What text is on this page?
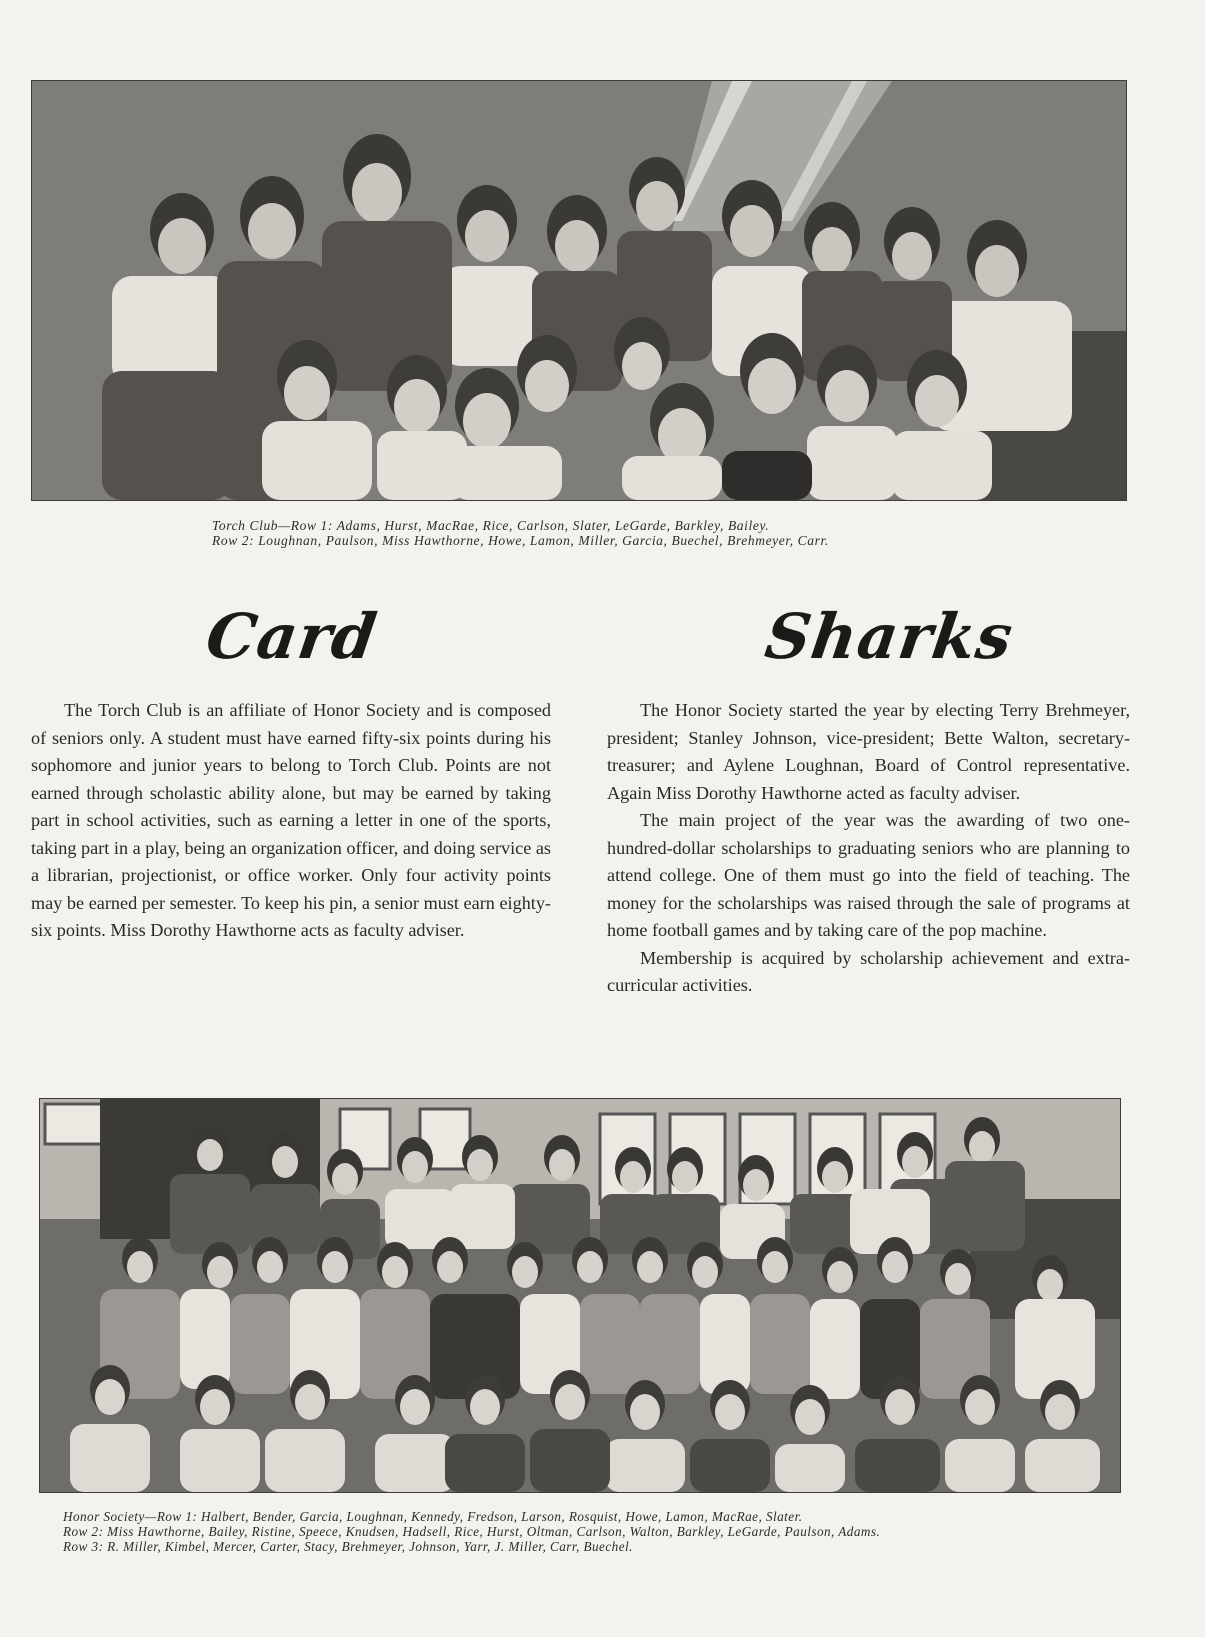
Torch Club—Row 1: Adams, Hurst, MacRae, Rice, Carlson, Slater, LeGarde, Barkley, Bailey.
Row 2: Loughnan, Paulson, Miss Hawthorne, Howe, Lamon, Miller, Garcia, Buechel, Brehmeyer, Carr.
Card	Sharks

The Torch Club is an affiliate of Honor Society and is composed of seniors only. A student must have earned fifty-six points during his sophomore and junior years to belong to Torch Club. Points are not earned through scholastic ability alone, but may be earned by taking part in school activities, such as earning a letter in one of the sports, taking part in a play, being an organization officer, and doing service as a librarian, projectionist, or office worker. Only four activity points may be earned per semester. To keep his pin, a senior must earn eighty-six points. Miss Dorothy Hawthorne acts as faculty adviser.

The Honor Society started the year by electing Terry Brehmeyer, president; Stanley Johnson, vice-president; Bette Walton, secretary-treasurer; and Aylene Loughnan, Board of Control representative. Again Miss Dorothy Hawthorne acted as faculty adviser.

The main project of the year was the awarding of two one-hundred-dollar scholarships to graduating seniors who are planning to attend college. One of them must go into the field of teaching. The money for the scholarships was raised through the sale of programs at home football games and by taking care of the pop machine.

Membership is acquired by scholarship achievement and extra-curricular activities.

Honor Society—Row 1: Halbert, Bender, Garcia, Loughnan, Kennedy, Fredson, Larson, Rosquist, Howe, Lamon, MacRae, Slater.
Row 2: Miss Hawthorne, Bailey, Ristine, Speece, Knudsen, Hadsell, Rice, Hurst, Oltman, Carlson, Walton, Barkley, LeGarde, Paulson, Adams.
Row 3: R. Miller, Kimbel, Mercer, Carter, Stacy, Brehmeyer, Johnson, Yarr, J. Miller, Carr, Buechel.
